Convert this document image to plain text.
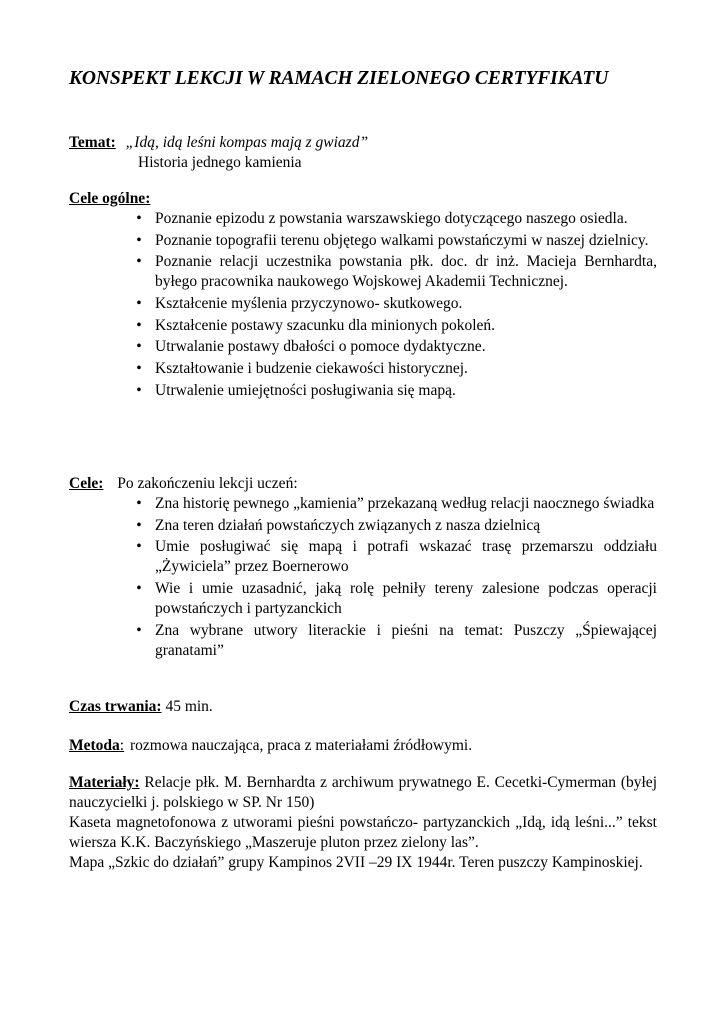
KONSPEKT LEKCJI W RAMACH ZIELONEGO CERTYFIKATU
Temat: „Idą, idą leśni kompas mają z gwiazd”
Historia jednego kamienia
Cele ogólne:
• Poznanie epizodu z powstania warszawskiego dotyczącego naszego osiedla.
• Poznanie topografii terenu objętego walkami powstańczymi w naszej dzielnicy.
• Poznanie relacji uczestnika powstania płk. doc. dr inż. Macieja Bernhardta, byłego pracownika naukowego Wojskowej Akademii Technicznej.
• Kształcenie myślenia przyczynowo- skutkowego.
• Kształcenie postawy szacunku dla minionych pokoleń.
• Utrwalanie postawy dbałości o pomoce dydaktyczne.
• Kształtowanie i budzenie ciekawości historycznej.
• Utrwalenie umiejętności posługiwania się mapą.
Cele: Po zakończeniu lekcji uczeń:
• Zna historię pewnego „kamienia” przekazaną według relacji naocznego świadka
• Zna teren działań powstańczych związanych z nasza dzielnicą
• Umie posługiwać się mapą i potrafi wskazać trasę przemarszu oddziału „Żywiciela” przez Boernerowo
• Wie i umie uzasadnić, jaką rolę pełniły tereny zalesione podczas operacji powstańczych i partyzanckich
• Zna wybrane utwory literackie i pieśni na temat: Puszczy „Śpiewającej granatami”
Czas trwania: 45 min.
Metoda: rozmowa nauczająca, praca z materiałami źródłowymi.
Materiały: Relacje płk. M. Bernhardta z archiwum prywatnego E. Cecetki-Cymerman (byłej nauczycielki j. polskiego w SP. Nr 150)
Kaseta magnetofonowa z utworami pieśni powstańczo- partyzanckich „Idą, idą leśni...” tekst wiersza K.K. Baczyńskiego „Maszeruje pluton przez zielony las”.
Mapa „Szkic do działań” grupy Kampinos 2VII –29 IX 1944r. Teren puszczy Kampinoskiej.
